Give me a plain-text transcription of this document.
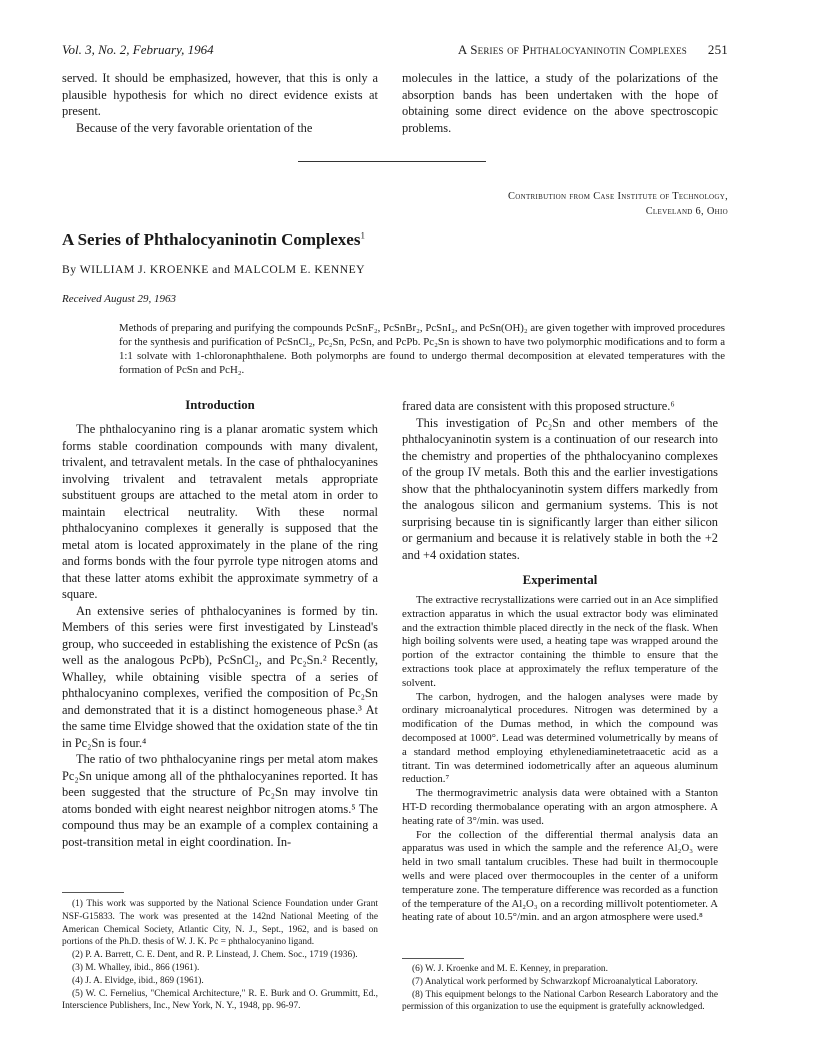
Vol. 3, No. 2, February, 1964	A Series of Phthalocyaninotin Complexes 251

served. It should be emphasized, however, that this is only a plausible hypothesis for which no direct evidence exists at present.

Because of the very favorable orientation of the

molecules in the lattice, a study of the polarizations of the absorption bands has been undertaken with the hope of obtaining some direct evidence on the above spectroscopic problems.

Contribution from Case Institute of Technology,
Cleveland 6, Ohio
A Series of Phthalocyaninotin Complexes$^1$
By WILLIAM J. KROENKE and MALCOLM E. KENNEY
Received August 29, 1963
Methods of preparing and purifying the compounds PcSnF₂, PcSnBr₂, PcSnI₂, and PcSn(OH)₂ are given together with improved procedures for the synthesis and purification of PcSnCl₂, Pc₂Sn, PcSn, and PcPb. Pc₂Sn is shown to have two polymorphic modifications and to form a 1:1 solvate with 1-chloronaphthalene. Both polymorphs are found to undergo thermal decomposition at elevated temperatures with the formation of PcSn and PcH₂.
Introduction

The phthalocyanino ring is a planar aromatic system which forms stable coordination compounds with many divalent, trivalent, and tetravalent metals. In the case of phthalocyanines involving trivalent and tetravalent metals appropriate substituent groups are attached to the metal atom in order to maintain electrical neutrality. With these normal phthalocyanino complexes it generally is supposed that the metal atom is located approximately in the plane of the ring and forms bonds with the four pyrrole type nitrogen atoms and that these latter atoms exhibit the approximate symmetry of a square.

An extensive series of phthalocyanines is formed by tin. Members of this series were first investigated by Linstead's group, who succeeded in establishing the existence of PcSn (as well as the analogous PcPb), PcSnCl₂, and Pc₂Sn.² Recently, Whalley, while obtaining visible spectra of a series of phthalocyanino complexes, verified the composition of Pc₂Sn and demonstrated that it is a distinct homogeneous phase.³ At the same time Elvidge showed that the oxidation state of the tin in Pc₂Sn is four.⁴

The ratio of two phthalocyanine rings per metal atom makes Pc₂Sn unique among all of the phthalocyanines reported. It has been suggested that the structure of Pc₂Sn may involve tin atoms bonded with eight nearest neighbor nitrogen atoms.⁵ The compound thus may be an example of a complex containing a post-transition metal in eight coordination. In-

(1) This work was supported by the National Science Foundation under Grant NSF-G15833. The work was presented at the 142nd National Meeting of the American Chemical Society, Atlantic City, N. J., Sept., 1962, and is based on portions of the Ph.D. thesis of W. J. K. Pc = phthalocyanino ligand.

(2) P. A. Barrett, C. E. Dent, and R. P. Linstead, J. Chem. Soc., 1719 (1936).

(3) M. Whalley, ibid., 866 (1961).

(4) J. A. Elvidge, ibid., 869 (1961).

(5) W. C. Fernelius, "Chemical Architecture," R. E. Burk and O. Grummitt, Ed., Interscience Publishers, Inc., New York, N. Y., 1948, pp. 96-97.

frared data are consistent with this proposed structure.⁶

This investigation of Pc₂Sn and other members of the phthalocyaninotin system is a continuation of our research into the chemistry and properties of the phthalocyanino complexes of the group IV metals. Both this and the earlier investigations show that the phthalocyaninotin system differs markedly from the analogous silicon and germanium systems. This is not surprising because tin is significantly larger than either silicon or germanium and because it is relatively stable in both the +2 and +4 oxidation states.

Experimental

The extractive recrystallizations were carried out in an Ace simplified extraction apparatus in which the usual extractor body was eliminated and the extraction thimble placed directly in the neck of the flask. When high boiling solvents were used, a heating tape was wrapped around the portion of the extractor containing the thimble to ensure that the extractions took place at approximately the reflux temperature of the solvent.

The carbon, hydrogen, and the halogen analyses were made by ordinary microanalytical procedures. Nitrogen was determined by a modification of the Dumas method, in which the compound was decomposed at 1000°. Lead was determined volumetrically by means of a standard method employing ethylenediaminetetraacetic acid as a titrant. Tin was determined iodometrically after an aqueous aluminum reduction.⁷

The thermogravimetric analysis data were obtained with a Stanton HT-D recording thermobalance operating with an argon atmosphere. A heating rate of 3°/min. was used.

For the collection of the differential thermal analysis data an apparatus was used in which the sample and the reference Al₂O₃ were held in two small tantalum crucibles. These had built in thermocouple wells and were placed over thermocouples in the center of a uniform temperature zone. The temperature difference was recorded as a function of the temperature of the Al₂O₃ on a recording millivolt potentiometer. A heating rate of about 10.5°/min. and an argon atmosphere were used.⁸

(6) W. J. Kroenke and M. E. Kenney, in preparation.

(7) Analytical work performed by Schwarzkopf Microanalytical Laboratory.

(8) This equipment belongs to the National Carbon Research Laboratory and the permission of this organization to use the equipment is gratefully acknowledged.
